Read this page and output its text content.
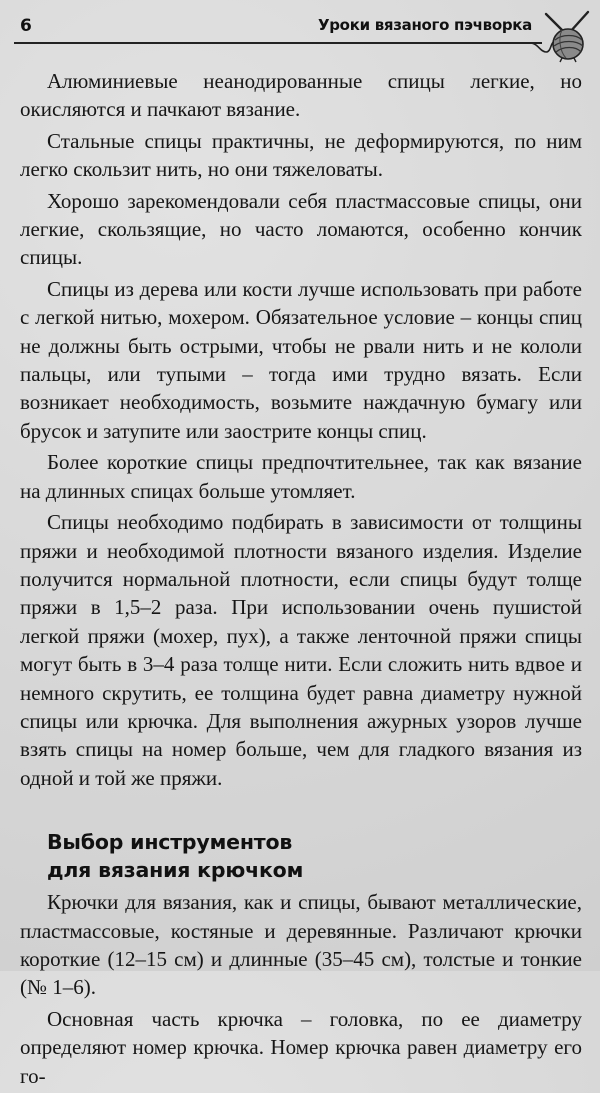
6	Уроки вязаного пэчворка

Алюминиевые неанодированные спицы легкие, но окисляются и пачкают вязание.

Стальные спицы практичны, не деформируются, по ним легко скользит нить, но они тяжеловаты.

Хорошо зарекомендовали себя пластмассовые спицы, они легкие, скользящие, но часто ломаются, особенно кончик спицы.

Спицы из дерева или кости лучше использовать при работе с легкой нитью, мохером. Обязательное условие – концы спиц не должны быть острыми, чтобы не рвали нить и не кололи пальцы, или тупыми – тогда ими трудно вязать. Если возникает необходимость, возьмите наждачную бумагу или брусок и затупите или заострите концы спиц.

Более короткие спицы предпочтительнее, так как вязание на длинных спицах больше утомляет.

Спицы необходимо подбирать в зависимости от толщины пряжи и необходимой плотности вязаного изделия. Изделие получится нормальной плотности, если спицы будут толще пряжи в 1,5–2 раза. При использовании очень пушистой легкой пряжи (мохер, пух), а также ленточной пряжи спицы могут быть в 3–4 раза толще нити. Если сложить нить вдвое и немного скрутить, ее толщина будет равна диаметру нужной спицы или крючка. Для выполнения ажурных узоров лучше взять спицы на номер больше, чем для гладкого вязания из одной и той же пряжи.

Выбор инструментов
для вязания крючком

Крючки для вязания, как и спицы, бывают металлические, пластмассовые, костяные и деревянные. Различают крючки короткие (12–15 см) и длинные (35–45 см), толстые и тонкие (№ 1–6).

Основная часть крючка – головка, по ее диаметру определяют номер крючка. Номер крючка равен диаметру его го-
